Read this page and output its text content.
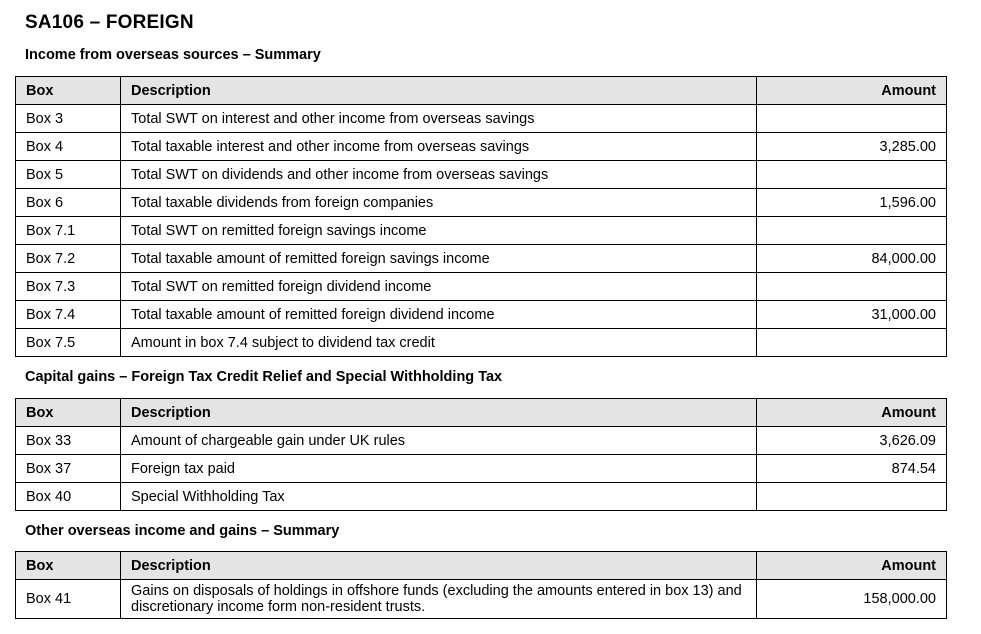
SA106 – FOREIGN
Income from overseas sources – Summary
Box	Description	Amount
Box 3	Total SWT on interest and other income from overseas savings	
Box 4	Total taxable interest and other income from overseas savings	3,285.00
Box 5	Total SWT on dividends and other income from overseas savings	
Box 6	Total taxable dividends from foreign companies	1,596.00
Box 7.1	Total SWT on remitted foreign savings income	
Box 7.2	Total taxable amount of remitted foreign savings income	84,000.00
Box 7.3	Total SWT on remitted foreign dividend income	
Box 7.4	Total taxable amount of remitted foreign dividend income	31,000.00
Box 7.5	Amount in box 7.4 subject to dividend tax credit	
Capital gains – Foreign Tax Credit Relief and Special Withholding Tax
Box	Description	Amount
Box 33	Amount of chargeable gain under UK rules	3,626.09
Box 37	Foreign tax paid	874.54
Box 40	Special Withholding Tax	
Other overseas income and gains – Summary
Box	Description	Amount
Box 41	Gains on disposals of holdings in offshore funds (excluding the amounts entered in box 13) and discretionary income form non-resident trusts.	158,000.00
